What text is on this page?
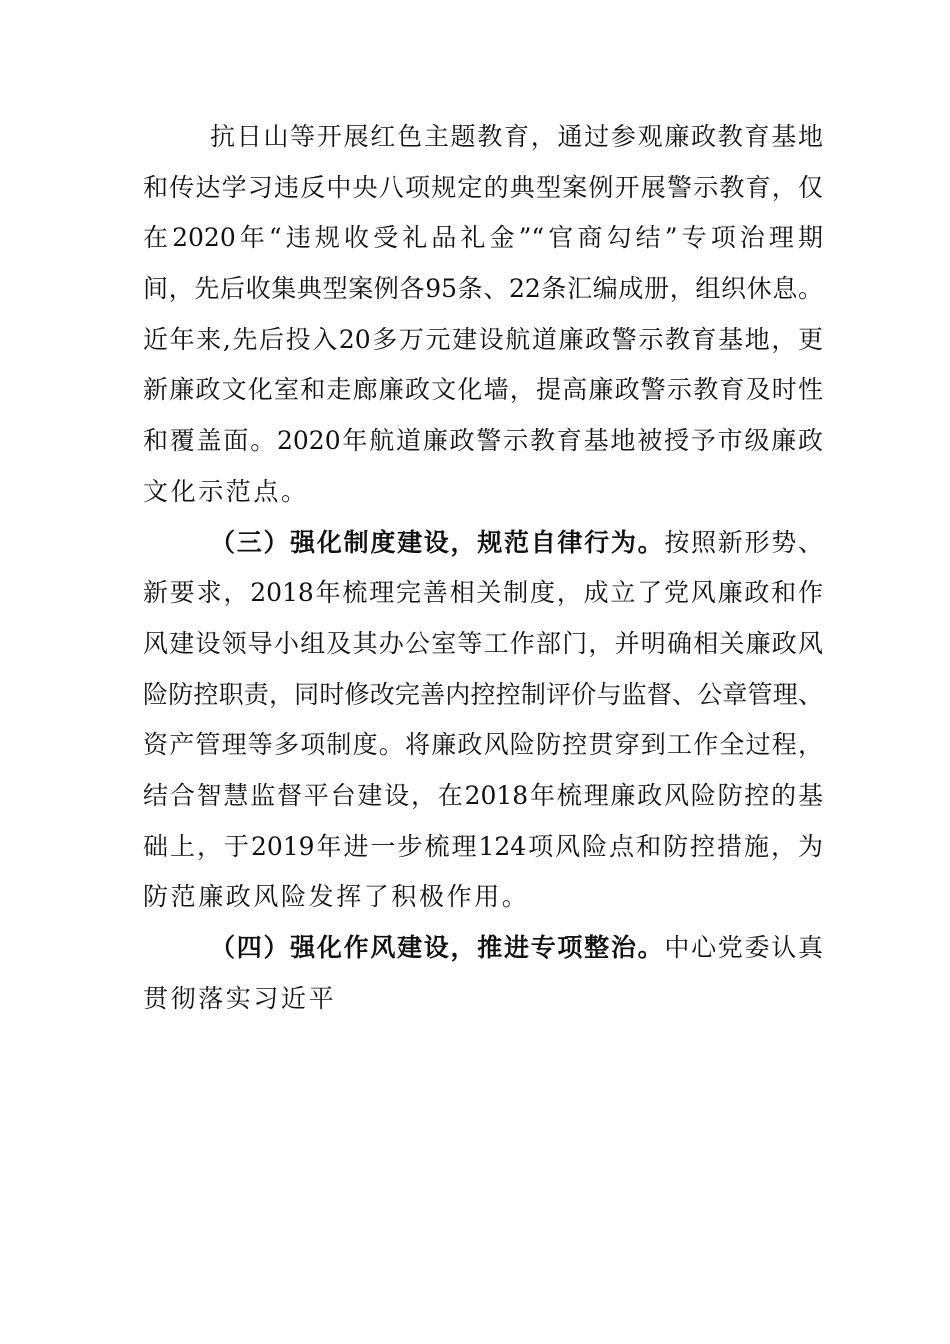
抗日山等开展红色主题教育，通过参观廉政教育基地
和传达学习违反中央八项规定的典型案例开展警示教育，仅
在2020年“违规收受礼品礼金”“官商勾结”专项治理期
间，先后收集典型案例各95条、22条汇编成册，组织休息。
近年来,先后投入20多万元建设航道廉政警示教育基地，更
新廉政文化室和走廊廉政文化墙，提高廉政警示教育及时性
和覆盖面。2020年航道廉政警示教育基地被授予市级廉政
文化示范点。
（三）强化制度建设，规范自律行为。按照新形势、
新要求，2018年梳理完善相关制度，成立了党风廉政和作
风建设领导小组及其办公室等工作部门，并明确相关廉政风
险防控职责，同时修改完善内控控制评价与监督、公章管理、
资产管理等多项制度。将廉政风险防控贯穿到工作全过程，
结合智慧监督平台建设，在2018年梳理廉政风险防控的基
础上，于2019年进一步梳理124项风险点和防控措施，为
防范廉政风险发挥了积极作用。
（四）强化作风建设，推进专项整治。中心党委认真
贯彻落实习近平
